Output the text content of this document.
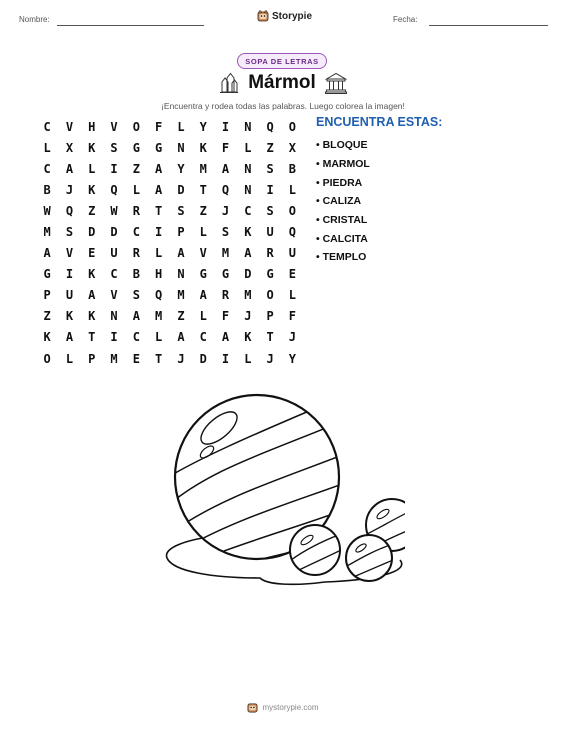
Nombre:	Storypie	Fecha:
SOPA DE LETRAS
Mármol
¡Encuentra y rodea todas las palabras. Luego colorea la imagen!
C	V	H	V	O	F	L	Y	I	N	Q	O
L	X	K	S	G	G	N	K	F	L	Z	X
C	A	L	I	Z	A	Y	M	A	N	S	B
B	J	K	Q	L	A	D	T	Q	N	I	L
W	Q	Z	W	R	T	S	Z	J	C	S	O
M	S	D	D	C	I	P	L	S	K	U	Q
A	V	E	U	R	L	A	V	M	A	R	U
G	I	K	C	B	H	N	G	G	D	G	E
P	U	A	V	S	Q	M	A	R	M	O	L
Z	K	K	N	A	M	Z	L	F	J	P	F
K	A	T	I	C	L	A	C	A	K	T	J
O	L	P	M	E	T	J	D	I	L	J	Y
ENCUENTRA ESTAS:
• BLOQUE
• MARMOL
• PIEDRA
• CALIZA
• CRISTAL
• CALCITA
• TEMPLO
mystorypie.com
